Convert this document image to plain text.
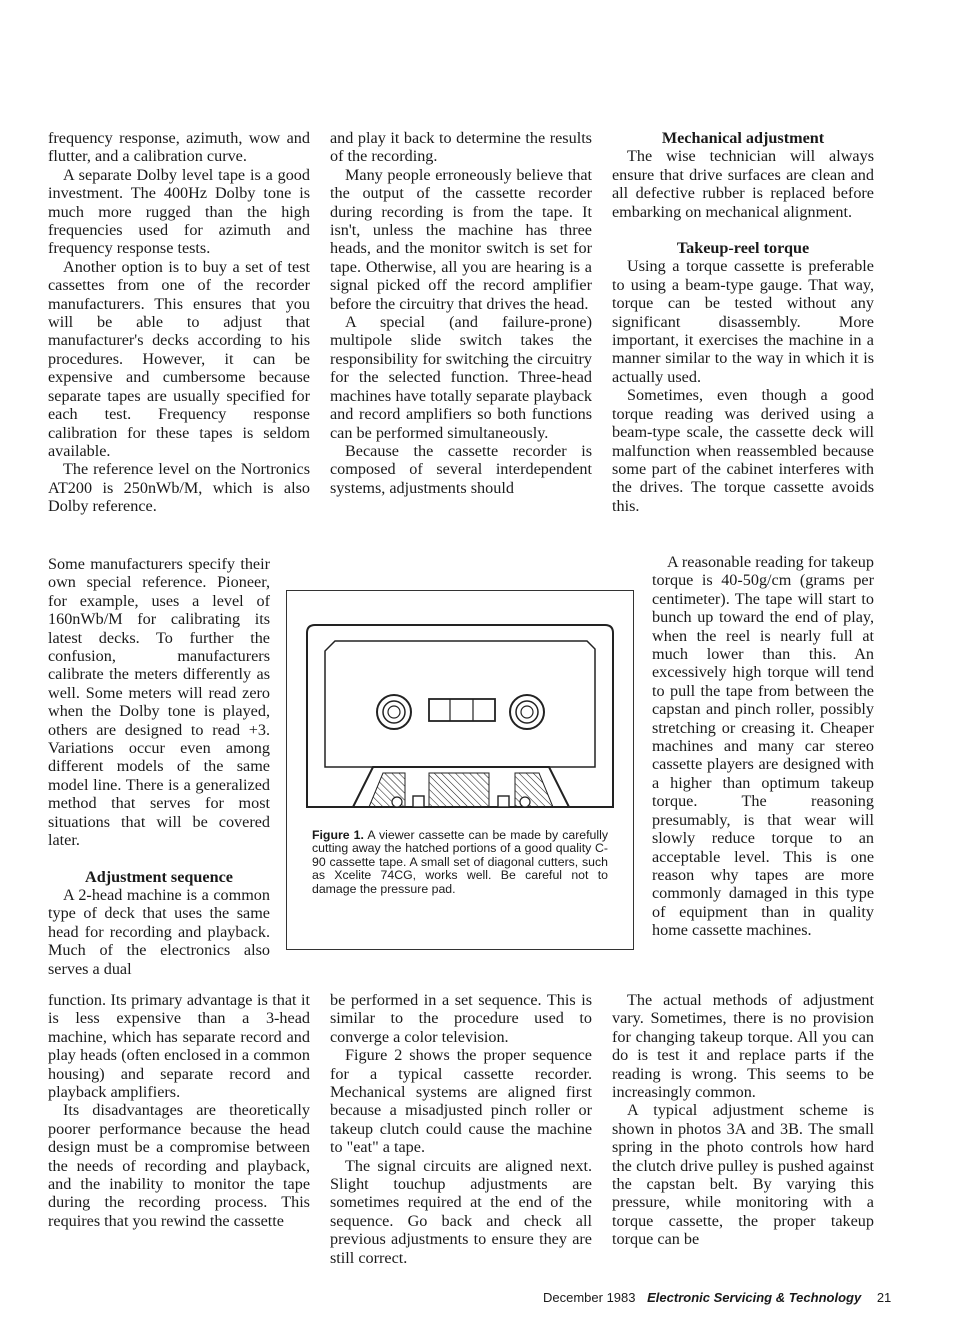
frequency response, azimuth, wow and flutter, and a calibration curve.

A separate Dolby level tape is a good investment. The 400Hz Dolby tone is much more rugged than the high frequencies used for azimuth and frequency response tests.

Another option is to buy a set of test cassettes from one of the recorder manufacturers. This ensures that you will be able to adjust that manufacturer's decks according to his procedures. However, it can be expensive and cumbersome because separate tapes are usually specified for each test. Frequency response calibration for these tapes is seldom available.

The reference level on the Nortronics AT200 is 250nWb/M, which is also Dolby reference.

Some manufacturers specify their own special reference. Pioneer, for example, uses a level of 160nWb/M for calibrating its latest decks. To further the confusion, manufacturers calibrate the meters differently as well. Some meters will read zero when the Dolby tone is played, others are designed to read +3. Variations occur even among different models of the same model line. There is a generalized method that serves for most situations that will be covered later.

Adjustment sequence

A 2-head machine is a common type of deck that uses the same head for recording and playback. Much of the electronics also serves a dual

function. Its primary advantage is that it is less expensive than a 3-head machine, which has separate record and play heads (often enclosed in a common housing) and separate record and playback amplifiers.

Its disadvantages are theoretically poorer performance because the head design must be a compromise between the needs of recording and playback, and the inability to monitor the tape during the recording process. This requires that you rewind the cassette

and play it back to determine the results of the recording.

Many people erroneously believe that the output of the cassette recorder during recording is from the tape. It isn't, unless the machine has three heads, and the monitor switch is set for tape. Otherwise, all you are hearing is a signal picked off the record amplifier before the circuitry that drives the head.

A special (and failure-prone) multipole slide switch takes the responsibility for switching the circuitry for the selected function. Three-head machines have totally separate playback and record amplifiers so both functions can be performed simultaneously.

Because the cassette recorder is composed of several interdependent systems, adjustments should

be performed in a set sequence. This is similar to the procedure used to converge a color television.

Figure 2 shows the proper sequence for a typical cassette recorder. Mechanical systems are aligned first because a misadjusted pinch roller or takeup clutch could cause the machine to "eat" a tape.

The signal circuits are aligned next. Slight touchup adjustments are sometimes required at the end of the sequence. Go back and check all previous adjustments to ensure they are still correct.

Mechanical adjustment

The wise technician will always ensure that drive surfaces are clean and all defective rubber is replaced before embarking on mechanical alignment.

Takeup-reel torque

Using a torque cassette is preferable to using a beam-type gauge. That way, torque can be tested without any significant disassembly. More important, it exercises the machine in a manner similar to the way in which it is actually used.

Sometimes, even though a good torque reading was derived using a beam-type scale, the cassette deck will malfunction when reassembled because some part of the cabinet interferes with the drives. The torque cassette avoids this.

A reasonable reading for takeup torque is 40-50g/cm (grams per centimeter). The tape will start to bunch up toward the end of play, when the reel is nearly full at much lower than this. An excessively high torque will tend to pull the tape from between the capstan and pinch roller, possibly stretching or creasing it. Cheaper machines and many car stereo cassette players are designed with a higher than optimum takeup torque. The reasoning presumably, is that wear will slowly reduce torque to an acceptable level. This is one reason why tapes are more commonly damaged in this type of equipment than in quality home cassette machines.

The actual methods of adjustment vary. Sometimes, there is no provision for changing takeup torque. All you can do is test it and replace parts if the reading is wrong. This seems to be increasingly common.

A typical adjustment scheme is shown in photos 3A and 3B. The small spring in the photo controls how hard the clutch drive pulley is pushed against the capstan belt. By varying this pressure, while monitoring with a torque cassette, the proper takeup torque can be

Figure 1. A viewer cassette can be made by carefully cutting away the hatched portions of a good quality C-90 cassette tape. A small set of diagonal cutters, such as Xcelite 74CG, works well. Be careful not to damage the pressure pad.
December 1983 Electronic Servicing & Technology 21
